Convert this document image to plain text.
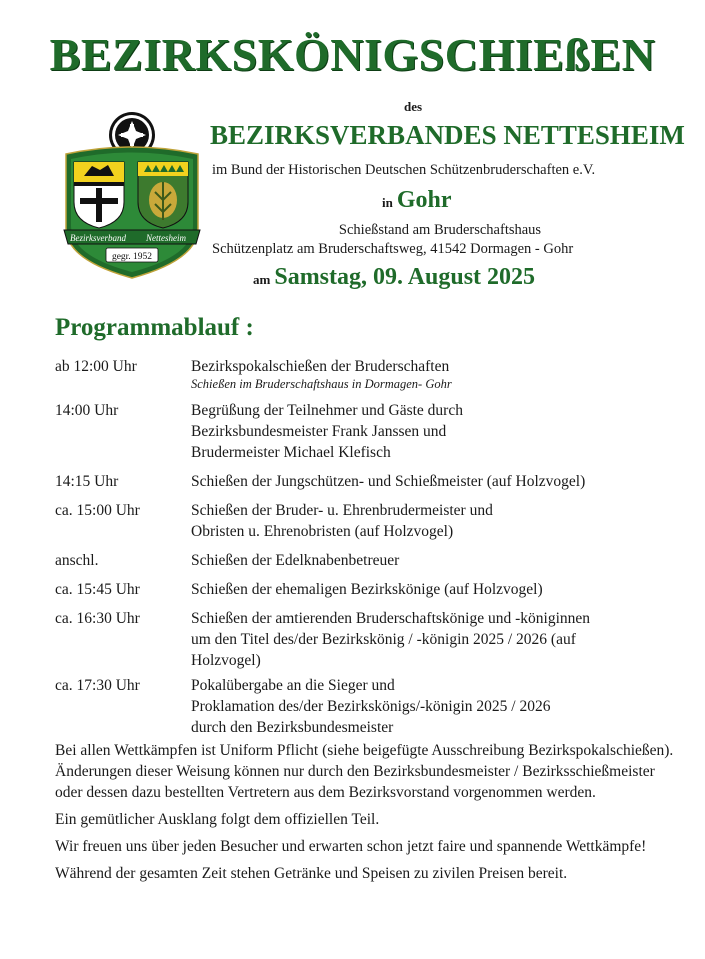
BEZIRKSKÖNIGSCHIEßEN
des
BEZIRKSVERBANDES NETTESHEIM
im Bund der Historischen Deutschen Schützenbruderschaften e.V.
in Gohr
Schießstand am Bruderschaftshaus
Schützenplatz am Bruderschaftsweg, 41542 Dormagen - Gohr
am Samstag, 09. August 2025
Bezirksverband Nettesheim
gegr. 1952
Programmablauf :
ab 12:00 Uhr	Bezirkspokalschießen der Bruderschaften
Schießen im Bruderschaftshaus in Dormagen- Gohr
14:00 Uhr	Begrüßung der Teilnehmer und Gäste durch
Bezirksbundesmeister Frank Janssen und
Brudermeister Michael Klefisch
14:15 Uhr	Schießen der Jungschützen- und Schießmeister (auf Holzvogel)
ca. 15:00 Uhr	Schießen der Bruder- u. Ehrenbrudermeister und
Obristen u. Ehrenobristen (auf Holzvogel)
anschl.	Schießen der Edelknabenbetreuer
ca. 15:45 Uhr	Schießen der ehemaligen Bezirkskönige (auf Holzvogel)
ca. 16:30 Uhr	Schießen der amtierenden Bruderschaftskönige und -königinnen
um den Titel des/der Bezirkskönig / -königin 2025 / 2026 (auf
Holzvogel)
ca. 17:30 Uhr	Pokalübergabe an die Sieger und
Proklamation des/der Bezirkskönigs/-königin 2025 / 2026
durch den Bezirksbundesmeister

Bei allen Wettkämpfen ist Uniform Pflicht (siehe beigefügte Ausschreibung Bezirkspokalschießen). Änderungen dieser Weisung können nur durch den Bezirksbundesmeister / Bezirksschießmeister oder dessen dazu bestellten Vertretern aus dem Bezirksvorstand vorgenommen werden.

Ein gemütlicher Ausklang folgt dem offiziellen Teil.

Wir freuen uns über jeden Besucher und erwarten schon jetzt faire und spannende Wettkämpfe!

Während der gesamten Zeit stehen Getränke und Speisen zu zivilen Preisen bereit.
